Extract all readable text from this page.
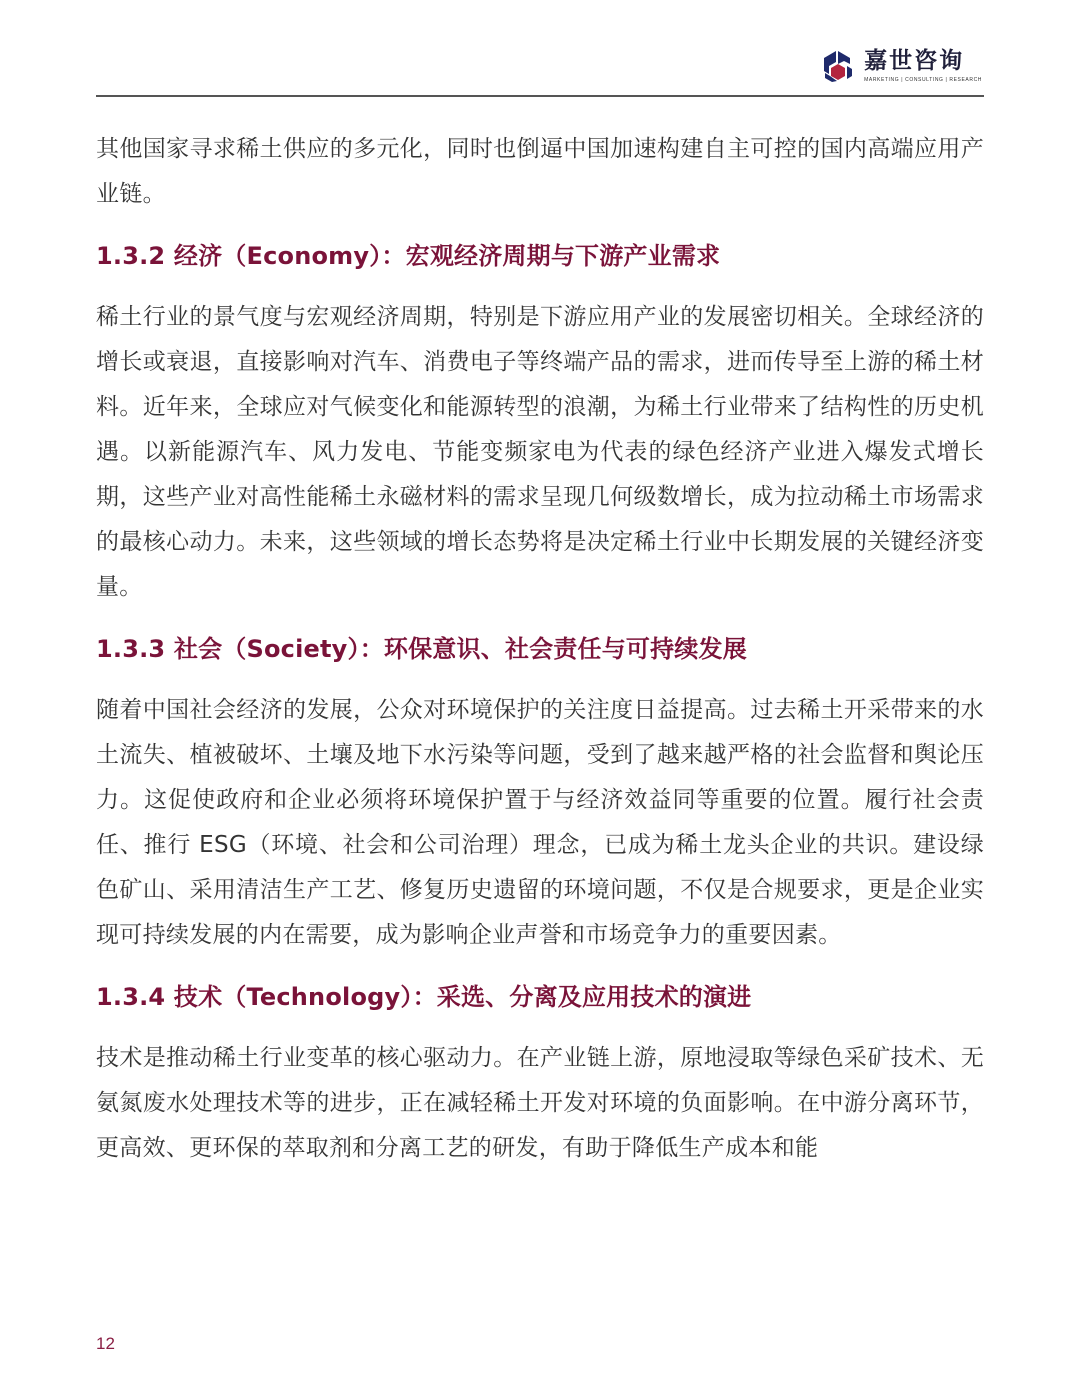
嘉世咨询
MARKETING | CONSULTING | RESEARCH

其他国家寻求稀土供应的多元化，同时也倒逼中国加速构建自主可控的国内高端应用产业链。

1.3.2 经济（Economy）：宏观经济周期与下游产业需求

稀土行业的景气度与宏观经济周期，特别是下游应用产业的发展密切相关。全球经济的增长或衰退，直接影响对汽车、消费电子等终端产品的需求，进而传导至上游的稀土材料。近年来，全球应对气候变化和能源转型的浪潮，为稀土行业带来了结构性的历史机遇。以新能源汽车、风力发电、节能变频家电为代表的绿色经济产业进入爆发式增长期，这些产业对高性能稀土永磁材料的需求呈现几何级数增长，成为拉动稀土市场需求的最核心动力。未来，这些领域的增长态势将是决定稀土行业中长期发展的关键经济变量。

1.3.3 社会（Society）：环保意识、社会责任与可持续发展

随着中国社会经济的发展，公众对环境保护的关注度日益提高。过去稀土开采带来的水土流失、植被破坏、土壤及地下水污染等问题，受到了越来越严格的社会监督和舆论压力。这促使政府和企业必须将环境保护置于与经济效益同等重要的位置。履行社会责任、推行 ESG（环境、社会和公司治理）理念，已成为稀土龙头企业的共识。建设绿色矿山、采用清洁生产工艺、修复历史遗留的环境问题，不仅是合规要求，更是企业实现可持续发展的内在需要，成为影响企业声誉和市场竞争力的重要因素。

1.3.4 技术（Technology）：采选、分离及应用技术的演进

技术是推动稀土行业变革的核心驱动力。在产业链上游，原地浸取等绿色采矿技术、无氨氮废水处理技术等的进步，正在减轻稀土开发对环境的负面影响。在中游分离环节，更高效、更环保的萃取剂和分离工艺的研发，有助于降低生产成本和能

12
